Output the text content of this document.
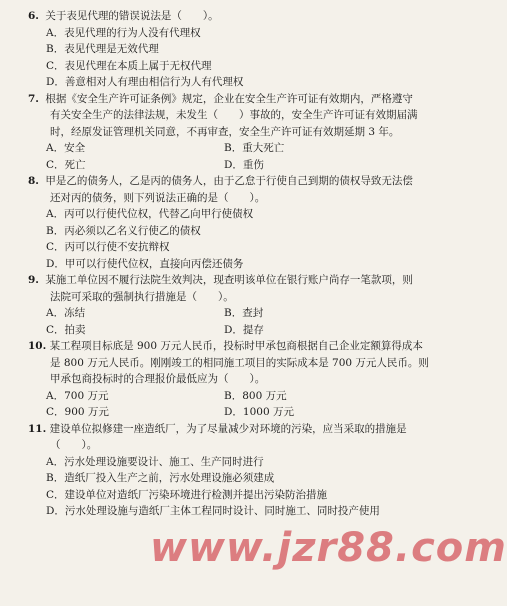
6. 关于表见代理的错误说法是（　　）。
A．表见代理的行为人没有代理权
B．表见代理是无效代理
C．表见代理在本质上属于无权代理
D．善意相对人有理由相信行为人有代理权
7. 根据《安全生产许可证条例》规定，企业在安全生产许可证有效期内，严格遵守
有关安全生产的法律法规，未发生（　　）事故的，安全生产许可证有效期届满
时，经原发证管理机关同意，不再审查，安全生产许可证有效期延期 3 年。
A．安全	B．重大死亡
C．死亡	D．重伤
8. 甲是乙的债务人，乙是丙的债务人，由于乙怠于行使自己到期的债权导致无法偿
还对丙的债务，则下列说法正确的是（　　）。
A．丙可以行使代位权，代替乙向甲行使债权
B．丙必须以乙名义行使乙的债权
C．丙可以行使不安抗辩权
D．甲可以行使代位权，直接向丙偿还债务
9. 某施工单位因不履行法院生效判决，现查明该单位在银行账户尚存一笔款项，则
法院可采取的强制执行措施是（　　）。
A．冻结	B．查封
C．拍卖	D．提存
10. 某工程项目标底是 900 万元人民币，投标时甲承包商根据自己企业定额算得成本
是 800 万元人民币。刚刚竣工的相同施工项目的实际成本是 700 万元人民币。则
甲承包商投标时的合理报价最低应为（　　）。
A．700 万元	B．800 万元
C．900 万元	D．1000 万元
11. 建设单位拟修建一座造纸厂，为了尽量减少对环境的污染，应当采取的措施是
（　　）。
A．污水处理设施要设计、施工、生产同时进行
B．造纸厂投入生产之前，污水处理设施必须建成
C．建设单位对造纸厂污染环境进行检测并提出污染防治措施
D．污水处理设施与造纸厂主体工程同时设计、同时施工、同时投产使用
www.jzr88.com
